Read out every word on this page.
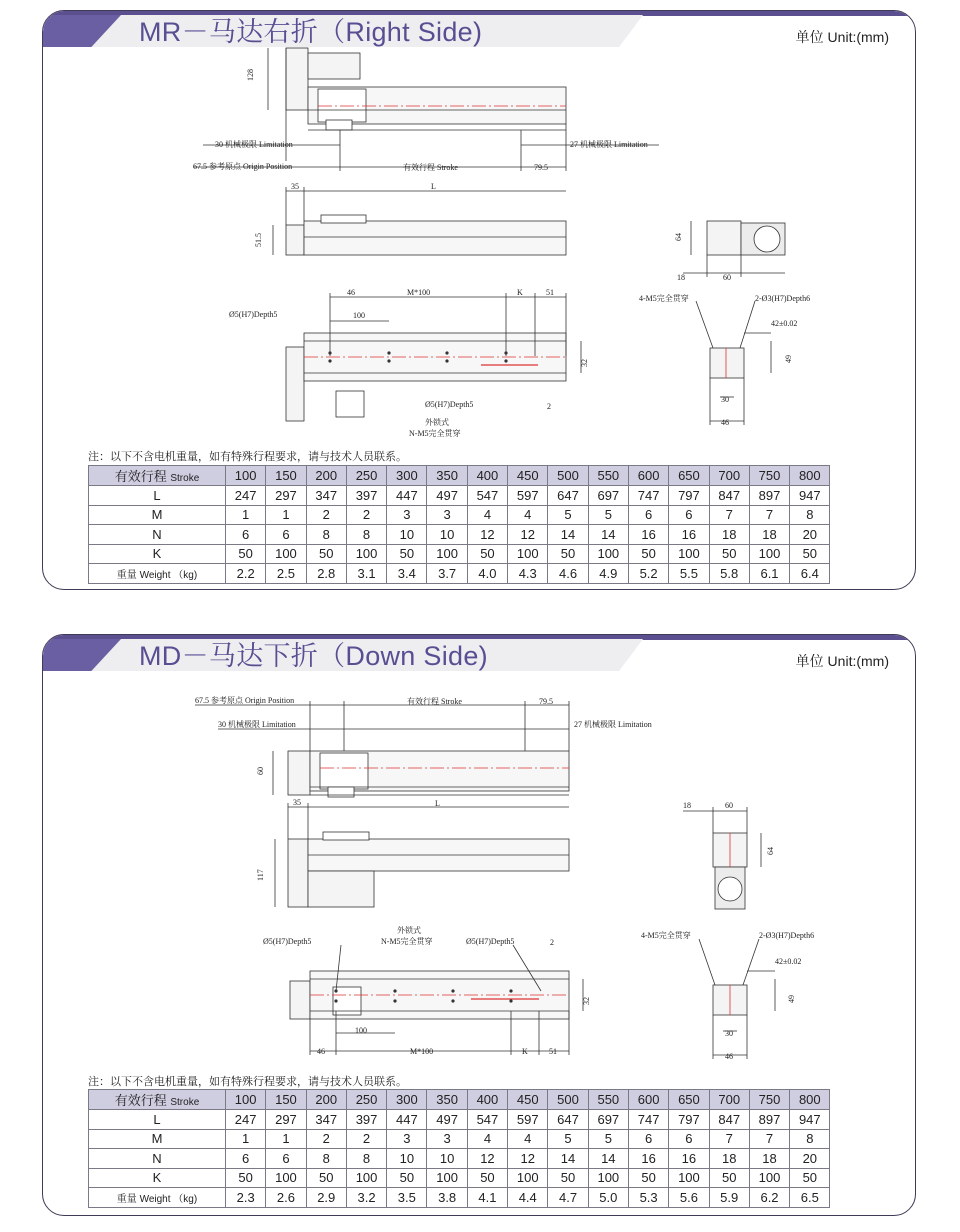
MR－马达右折（Right Side)	单位 Unit:(mm)
128
30 机械极限 Limitation	27 机械极限 Limitation
67.5 参考原点 Origin Position	有效行程 Stroke	79.5
35	L
51.5
46	M*100	K	51
Ø5(H7)Depth5	100
32
Ø5(H7)Depth5	2
外锁式
N-M5完全贯穿
64
18	60
4-M5完全贯穿	2-Ø3(H7)Depth6
42±0.02
49
30
46
注：以下不含电机重量，如有特殊行程要求，请与技术人员联系。
有效行程 Stroke	100	150	200	250	300	350	400	450	500	550	600	650	700	750	800
L	247	297	347	397	447	497	547	597	647	697	747	797	847	897	947
M	1	1	2	2	3	3	4	4	5	5	6	6	7	7	8
N	6	6	8	8	10	10	12	12	14	14	16	16	18	18	20
K	50	100	50	100	50	100	50	100	50	100	50	100	50	100	50
重量 Weight （kg)	2.2	2.5	2.8	3.1	3.4	3.7	4.0	4.3	4.6	4.9	5.2	5.5	5.8	6.1	6.4
MD－马达下折（Down Side)	单位 Unit:(mm)
67.5 参考原点 Origin Position	有效行程 Stroke	79.5
30 机械极限 Limitation	27 机械极限 Limitation
60
35	L
117
18	60
64
外锁式
N-M5完全贯穿
Ø5(H7)Depth5	Ø5(H7)Depth5	2
32
100
46	M*100	K	51
4-M5完全贯穿	2-Ø3(H7)Depth6
42±0.02
49
30
46
注：以下不含电机重量，如有特殊行程要求，请与技术人员联系。
有效行程 Stroke	100	150	200	250	300	350	400	450	500	550	600	650	700	750	800
L	247	297	347	397	447	497	547	597	647	697	747	797	847	897	947
M	1	1	2	2	3	3	4	4	5	5	6	6	7	7	8
N	6	6	8	8	10	10	12	12	14	14	16	16	18	18	20
K	50	100	50	100	50	100	50	100	50	100	50	100	50	100	50
重量 Weight （kg)	2.3	2.6	2.9	3.2	3.5	3.8	4.1	4.4	4.7	5.0	5.3	5.6	5.9	6.2	6.5
